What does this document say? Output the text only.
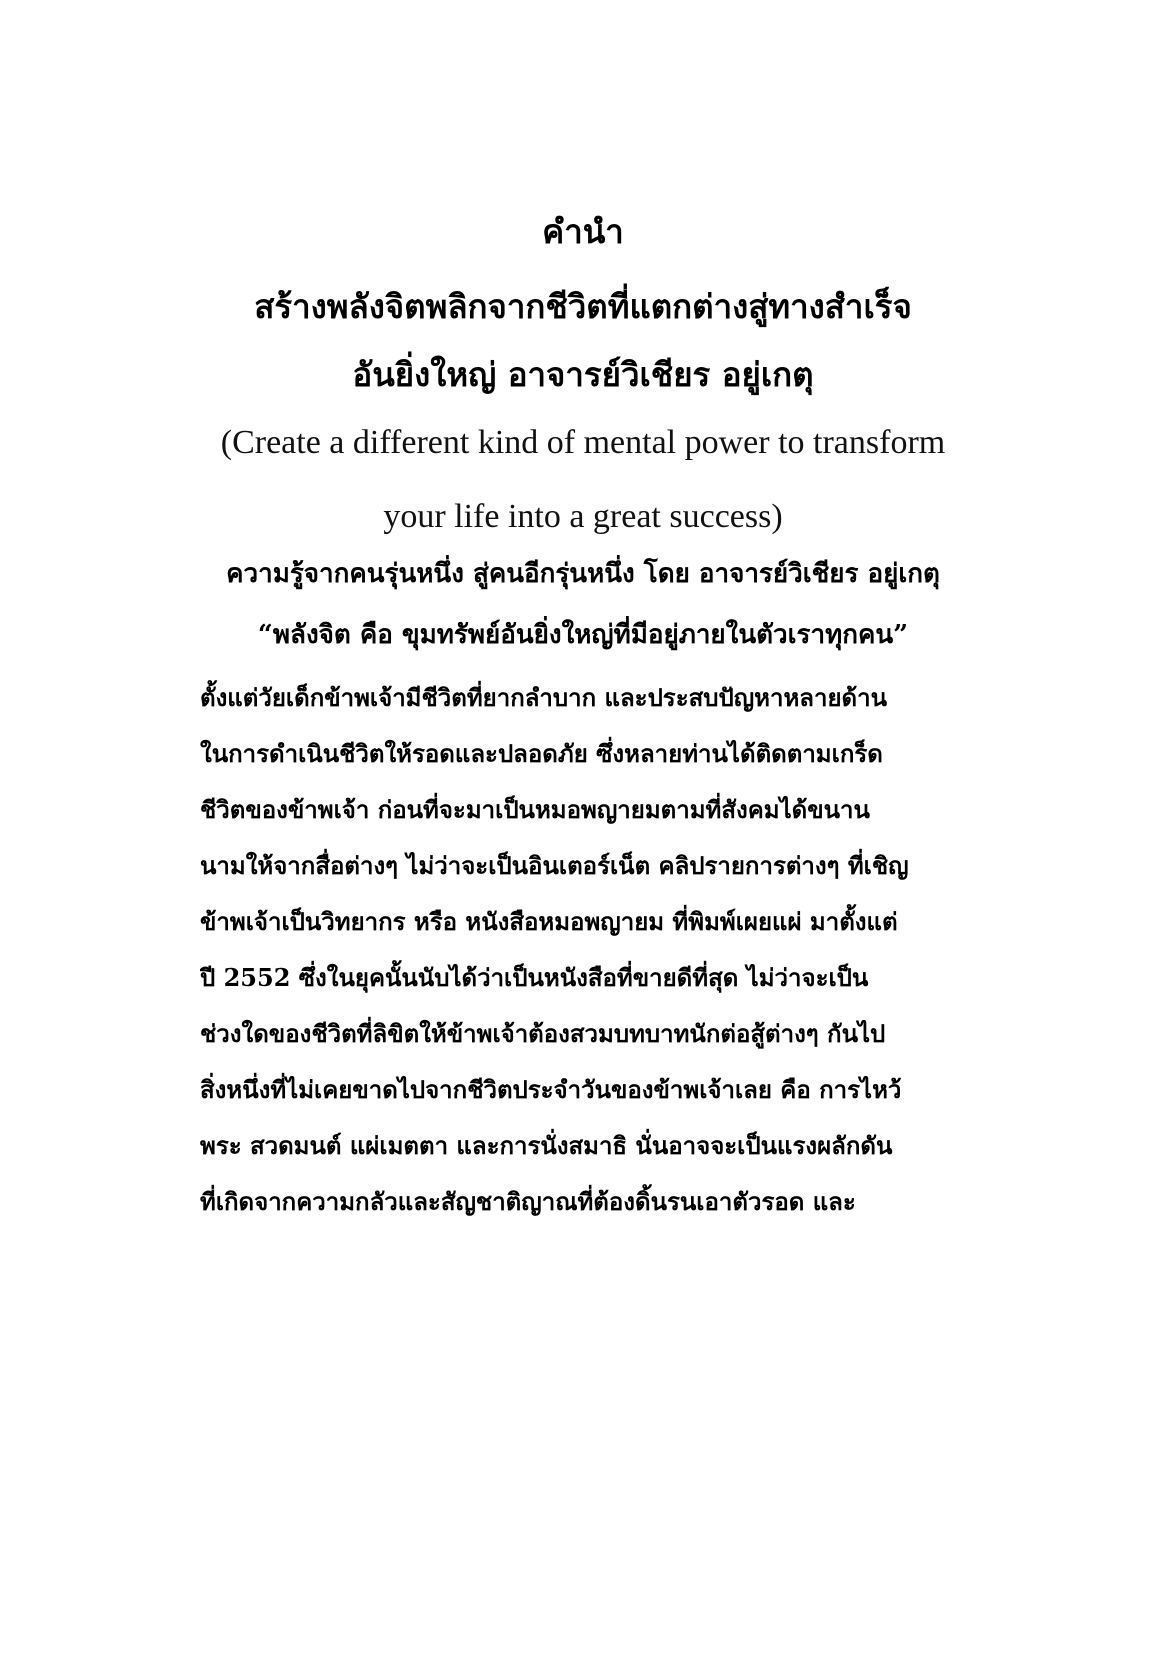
คำนำ
สร้างพลังจิตพลิกจากชีวิตที่แตกต่างสู่ทางสำเร็จ
อันยิ่งใหญ่ อาจารย์วิเชียร อยู่เกตุ
(Create a different kind of mental power to transform
your life into a great success)
ความรู้จากคนรุ่นหนึ่ง สู่คนอีกรุ่นหนึ่ง โดย อาจารย์วิเชียร อยู่เกตุ
“พลังจิต คือ ขุมทรัพย์อันยิ่งใหญ่ที่มีอยู่ภายในตัวเราทุกคน”
ตั้งแต่วัยเด็กข้าพเจ้ามีชีวิตที่ยากลำบาก และประสบปัญหาหลายด้าน
ในการดำเนินชีวิตให้รอดและปลอดภัย ซึ่งหลายท่านได้ติดตามเกร็ด
ชีวิตของข้าพเจ้า ก่อนที่จะมาเป็นหมอพญายมตามที่สังคมได้ขนาน
นามให้จากสื่อต่างๆ ไม่ว่าจะเป็นอินเตอร์เน็ต คลิปรายการต่างๆ ที่เชิญ
ข้าพเจ้าเป็นวิทยากร หรือ หนังสือหมอพญายม ที่พิมพ์เผยแผ่ มาตั้งแต่
ปี 2552 ซึ่งในยุคนั้นนับได้ว่าเป็นหนังสือที่ขายดีที่สุด ไม่ว่าจะเป็น
ช่วงใดของชีวิตที่ลิขิตให้ข้าพเจ้าต้องสวมบทบาทนักต่อสู้ต่างๆ กันไป
สิ่งหนึ่งที่ไม่เคยขาดไปจากชีวิตประจำวันของข้าพเจ้าเลย คือ การไหว้
พระ สวดมนต์ แผ่เมตตา และการนั่งสมาธิ นั่นอาจจะเป็นแรงผลักดัน
ที่เกิดจากความกลัวและสัญชาติญาณที่ต้องดิ้นรนเอาตัวรอด และ
